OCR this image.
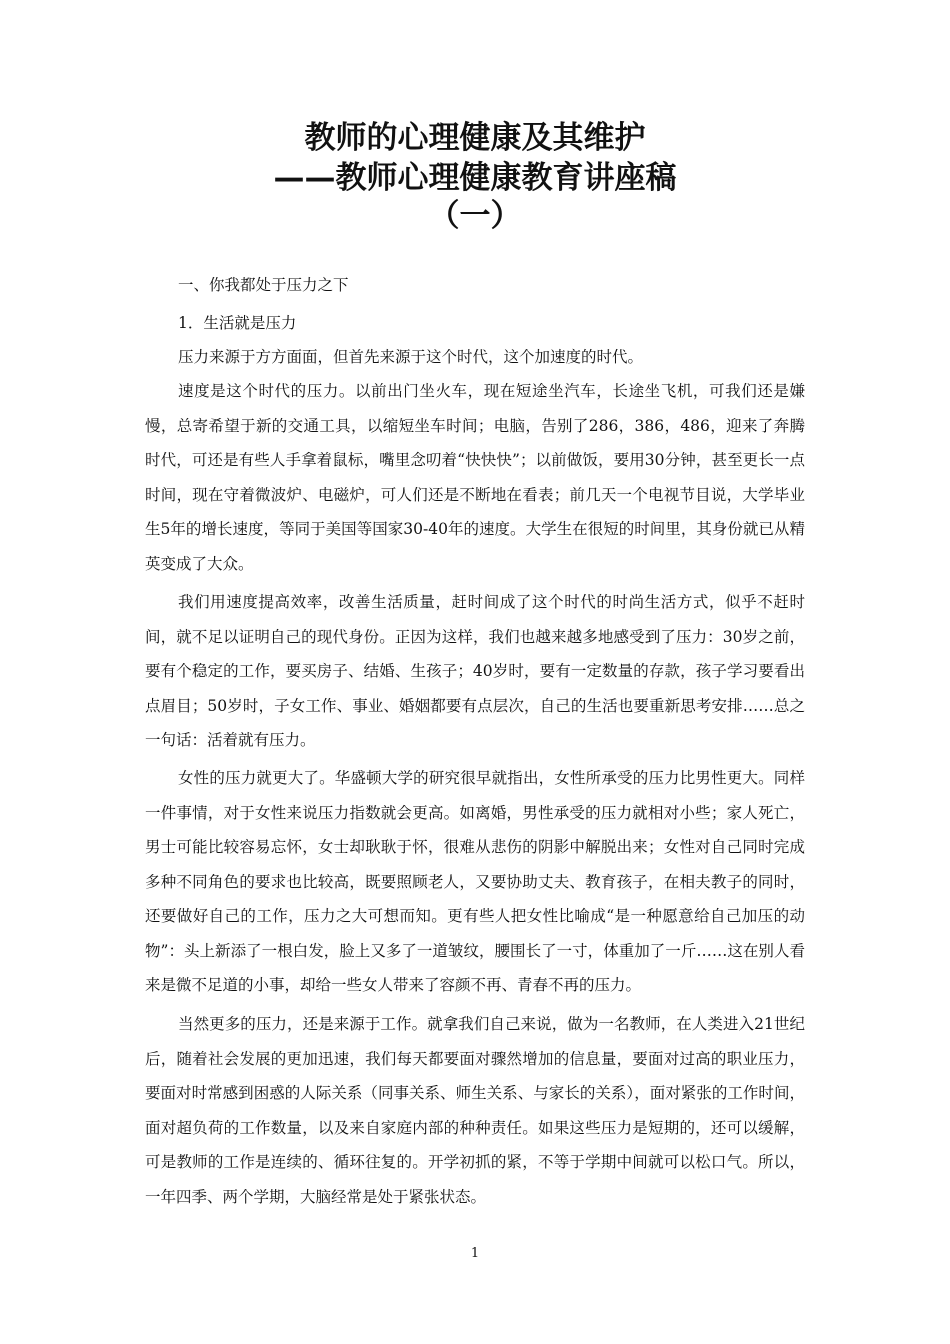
教师的心理健康及其维护
——教师心理健康教育讲座稿
（一）
一、你我都处于压力之下
1．生活就是压力
压力来源于方方面面，但首先来源于这个时代，这个加速度的时代。
速度是这个时代的压力。以前出门坐火车，现在短途坐汽车，长途坐飞机，可我们还是嫌慢，总寄希望于新的交通工具，以缩短坐车时间；电脑，告别了286，386，486，迎来了奔腾时代，可还是有些人手拿着鼠标，嘴里念叨着“快快快”；以前做饭，要用30分钟，甚至更长一点时间，现在守着微波炉、电磁炉，可人们还是不断地在看表；前几天一个电视节目说，大学毕业生5年的增长速度，等同于美国等国家30-40年的速度。大学生在很短的时间里，其身份就已从精英变成了大众。
我们用速度提高效率，改善生活质量，赶时间成了这个时代的时尚生活方式，似乎不赶时间，就不足以证明自己的现代身份。正因为这样，我们也越来越多地感受到了压力：30岁之前，要有个稳定的工作，要买房子、结婚、生孩子；40岁时，要有一定数量的存款，孩子学习要看出点眉目；50岁时，子女工作、事业、婚姻都要有点层次，自己的生活也要重新思考安排……总之一句话：活着就有压力。
女性的压力就更大了。华盛顿大学的研究很早就指出，女性所承受的压力比男性更大。同样一件事情，对于女性来说压力指数就会更高。如离婚，男性承受的压力就相对小些；家人死亡，男士可能比较容易忘怀，女士却耿耿于怀，很难从悲伤的阴影中解脱出来；女性对自己同时完成多种不同角色的要求也比较高，既要照顾老人，又要协助丈夫、教育孩子，在相夫教子的同时，还要做好自己的工作，压力之大可想而知。更有些人把女性比喻成“是一种愿意给自己加压的动物”：头上新添了一根白发，脸上又多了一道皱纹，腰围长了一寸，体重加了一斤……这在别人看来是微不足道的小事，却给一些女人带来了容颜不再、青春不再的压力。
当然更多的压力，还是来源于工作。就拿我们自己来说，做为一名教师，在人类进入21世纪后，随着社会发展的更加迅速，我们每天都要面对骤然增加的信息量，要面对过高的职业压力，要面对时常感到困惑的人际关系（同事关系、师生关系、与家长的关系），面对紧张的工作时间，面对超负荷的工作数量，以及来自家庭内部的种种责任。如果这些压力是短期的，还可以缓解，可是教师的工作是连续的、循环往复的。开学初抓的紧，不等于学期中间就可以松口气。所以，一年四季、两个学期，大脑经常是处于紧张状态。
1
